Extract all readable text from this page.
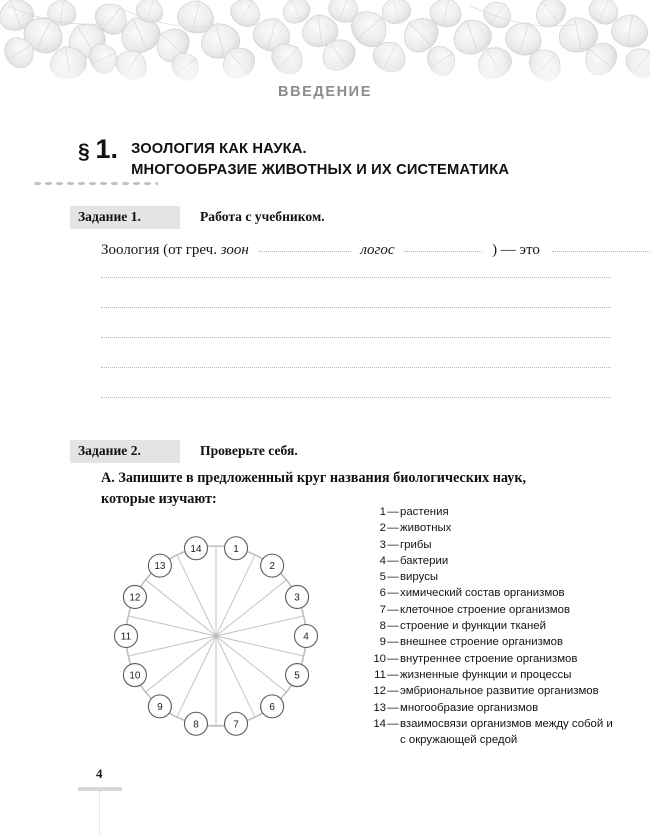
ВВЕДЕНИЕ
§ 1. ЗООЛОГИЯ КАК НАУКА.
МНОГООБРАЗИЕ ЖИВОТНЫХ И ИХ СИСТЕМАТИКА
Задание 1.	Работа с учебником.
Зоология (от греч. зоон	логос	) — это
Задание 2.	Проверьте себя.
А. Запишите в предложенный круг названия биологических наук,
которые изучают:
1
2
3
4
5
6
7
8
9
10
11
12
13
14
1 — растения
2 — животных
3 — грибы
4 — бактерии
5 — вирусы
6 — химический состав организмов
7 — клеточное строение организмов
8 — строение и функции тканей
9 — внешнее строение организмов
10 — внутреннее строение организмов
11 — жизненные функции и процессы
12 — эмбриональное развитие организмов
13 — многообразие организмов
14 — взаимосвязи организмов между собой и с окружающей средой
4
